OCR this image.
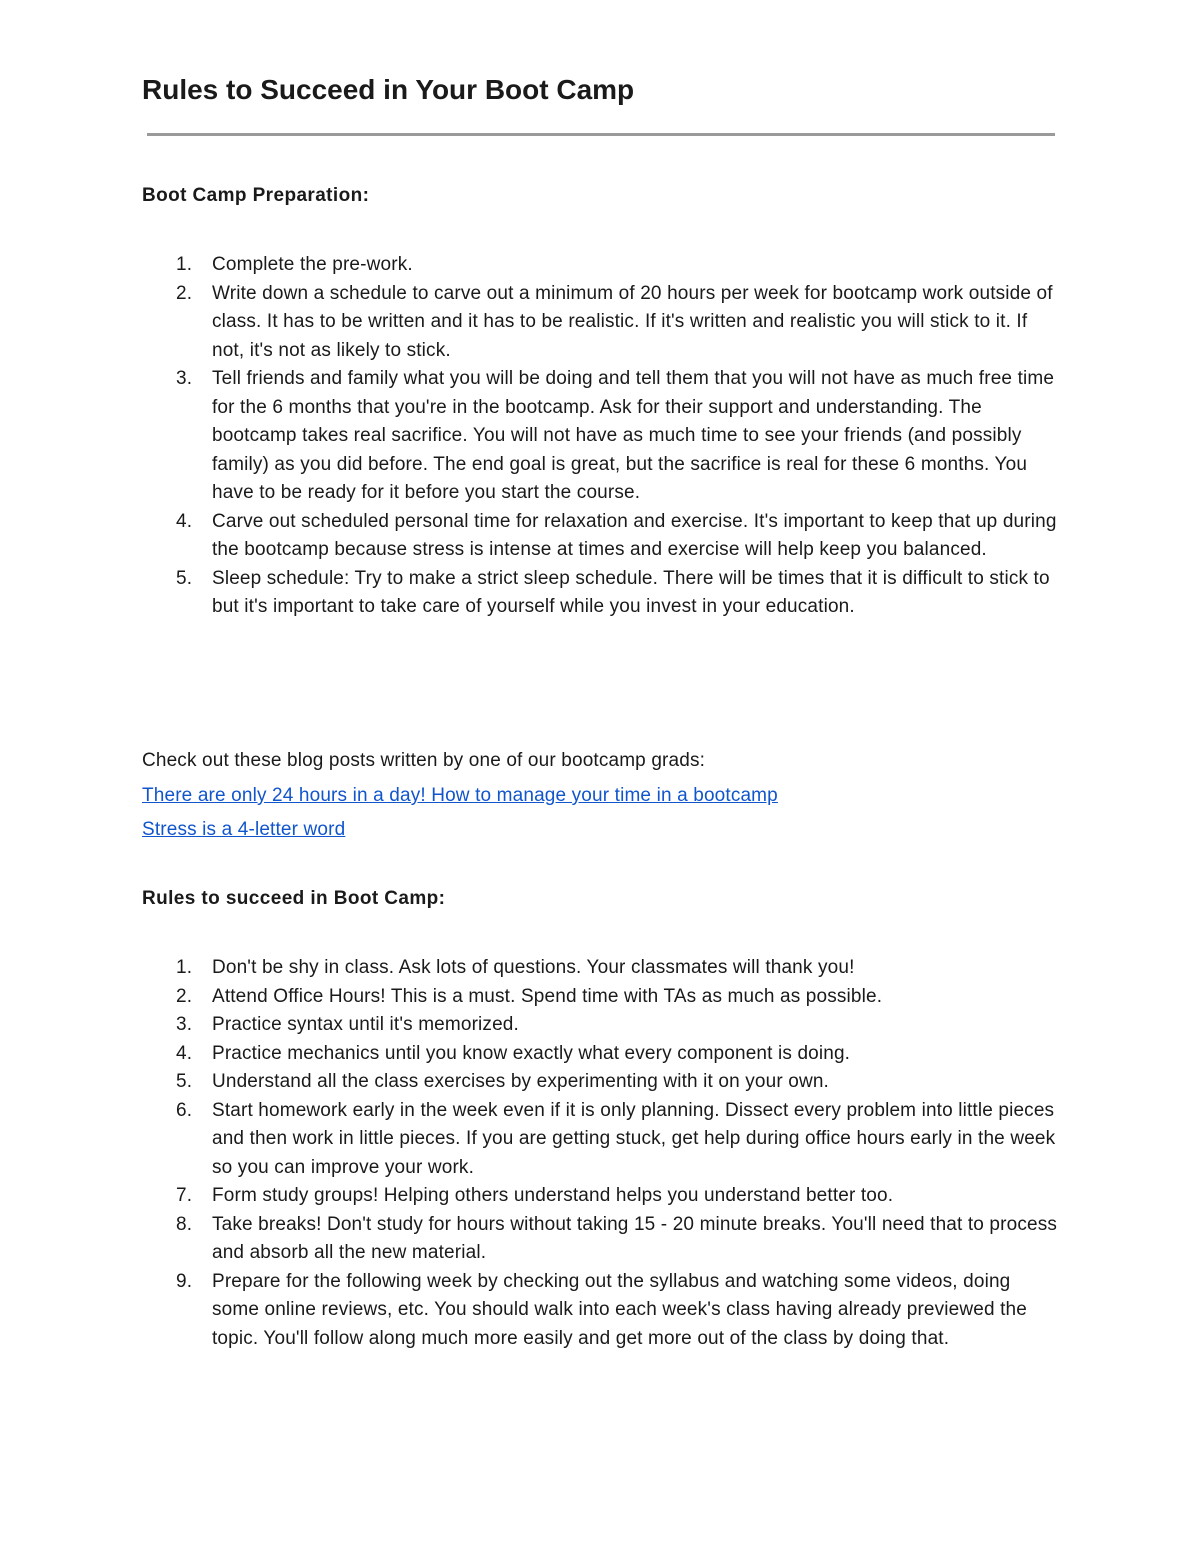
Rules to Succeed in Your Boot Camp
Boot Camp Preparation:
1. Complete the pre-work.
2. Write down a schedule to carve out a minimum of 20 hours per week for bootcamp work outside of class. It has to be written and it has to be realistic. If it's written and realistic you will stick to it. If not, it's not as likely to stick.
3. Tell friends and family what you will be doing and tell them that you will not have as much free time for the 6 months that you're in the bootcamp. Ask for their support and understanding. The bootcamp takes real sacrifice. You will not have as much time to see your friends (and possibly family) as you did before. The end goal is great, but the sacrifice is real for these 6 months. You have to be ready for it before you start the course.
4. Carve out scheduled personal time for relaxation and exercise. It's important to keep that up during the bootcamp because stress is intense at times and exercise will help keep you balanced.
5. Sleep schedule: Try to make a strict sleep schedule. There will be times that it is difficult to stick to but it's important to take care of yourself while you invest in your education.

Check out these blog posts written by one of our bootcamp grads:

There are only 24 hours in a day! How to manage your time in a bootcamp
Stress is a 4-letter word
Rules to succeed in Boot Camp:
1. Don't be shy in class. Ask lots of questions. Your classmates will thank you!
2. Attend Office Hours! This is a must. Spend time with TAs as much as possible.
3. Practice syntax until it's memorized.
4. Practice mechanics until you know exactly what every component is doing.
5. Understand all the class exercises by experimenting with it on your own.
6. Start homework early in the week even if it is only planning. Dissect every problem into little pieces and then work in little pieces. If you are getting stuck, get help during office hours early in the week so you can improve your work.
7. Form study groups! Helping others understand helps you understand better too.
8. Take breaks! Don't study for hours without taking 15 - 20 minute breaks. You'll need that to process and absorb all the new material.
9. Prepare for the following week by checking out the syllabus and watching some videos, doing some online reviews, etc. You should walk into each week's class having already previewed the topic. You'll follow along much more easily and get more out of the class by doing that.
